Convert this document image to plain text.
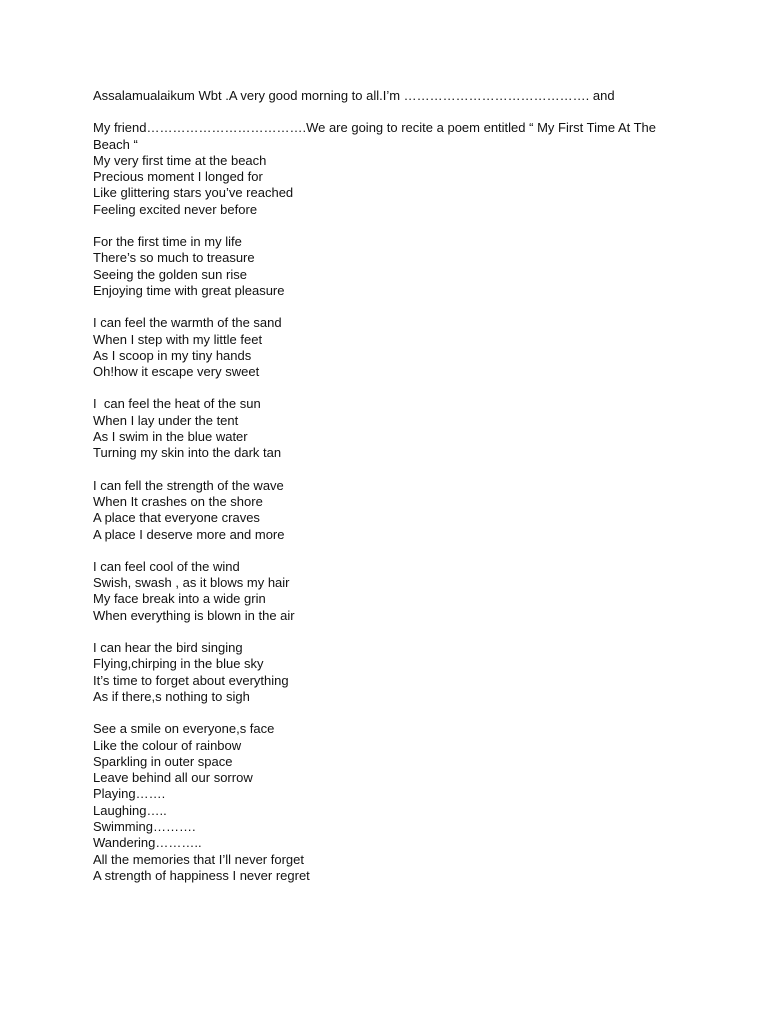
Assalamualaikum Wbt .A very good morning to all.I’m ……………………………………. and

My friend……………………………….We are going to recite a poem entitled “ My First Time At The Beach “

My very first time at the beach

Precious moment I longed for

Like glittering stars you’ve reached

Feeling excited never before

For the first time in my life

There’s so much to treasure

Seeing the golden sun rise

Enjoying time with great pleasure

I can feel the warmth of the sand

When I step with my little feet

As I scoop in my tiny hands

Oh!how it escape very sweet

I  can feel the heat of the sun

When I lay under the tent

As I swim in the blue water

Turning my skin into the dark tan

I can fell the strength of the wave

When It crashes on the shore

A place that everyone craves

A place I deserve more and more

I can feel cool of the wind

Swish, swash , as it blows my hair

My face break into a wide grin

When everything is blown in the air

I can hear the bird singing

Flying,chirping in the blue sky

It’s time to forget about everything

As if there,s nothing to sigh

See a smile on everyone,s face

Like the colour of rainbow

Sparkling in outer space

Leave behind all our sorrow

Playing…….

Laughing…..

Swimming……….

Wandering………..

All the memories that I’ll never forget

A strength of happiness I never regret
